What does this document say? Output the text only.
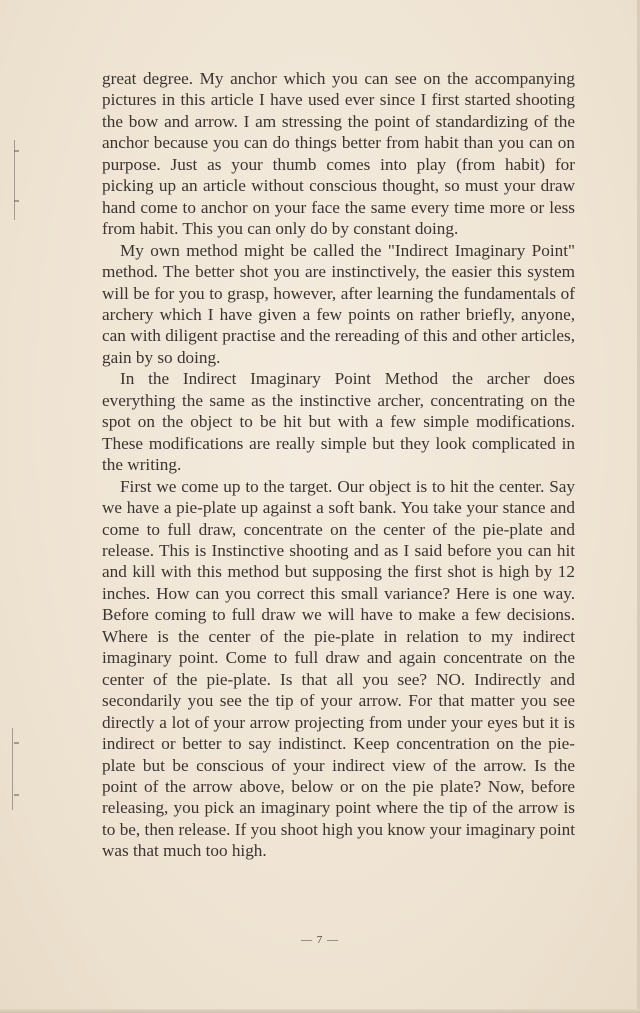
great degree. My anchor which you can see on the accompanying pictures in this article I have used ever since I first started shooting the bow and arrow. I am stressing the point of standardizing of the anchor because you can do things better from habit than you can on purpose. Just as your thumb comes into play (from habit) for picking up an article without conscious thought, so must your draw hand come to anchor on your face the same every time more or less from habit. This you can only do by constant doing.

My own method might be called the "Indirect Imaginary Point" method. The better shot you are instinctively, the easier this system will be for you to grasp, however, after learning the fundamentals of archery which I have given a few points on rather briefly, anyone, can with diligent practise and the rereading of this and other articles, gain by so doing.

In the Indirect Imaginary Point Method the archer does everything the same as the instinctive archer, concentrating on the spot on the object to be hit but with a few simple modifications. These modifications are really simple but they look complicated in the writing.

First we come up to the target. Our object is to hit the center. Say we have a pie-plate up against a soft bank. You take your stance and come to full draw, concentrate on the center of the pie-plate and release. This is Instinctive shooting and as I said before you can hit and kill with this method but supposing the first shot is high by 12 inches. How can you correct this small variance? Here is one way. Before coming to full draw we will have to make a few decisions. Where is the center of the pie-plate in relation to my indirect imaginary point. Come to full draw and again concentrate on the center of the pie-plate. Is that all you see? NO. Indirectly and secondarily you see the tip of your arrow. For that matter you see directly a lot of your arrow projecting from under your eyes but it is indirect or better to say indistinct. Keep concentration on the pie-plate but be conscious of your indirect view of the arrow. Is the point of the arrow above, below or on the pie plate? Now, before releasing, you pick an imaginary point where the tip of the arrow is to be, then release. If you shoot high you know your imaginary point was that much too high.

— 7 —
